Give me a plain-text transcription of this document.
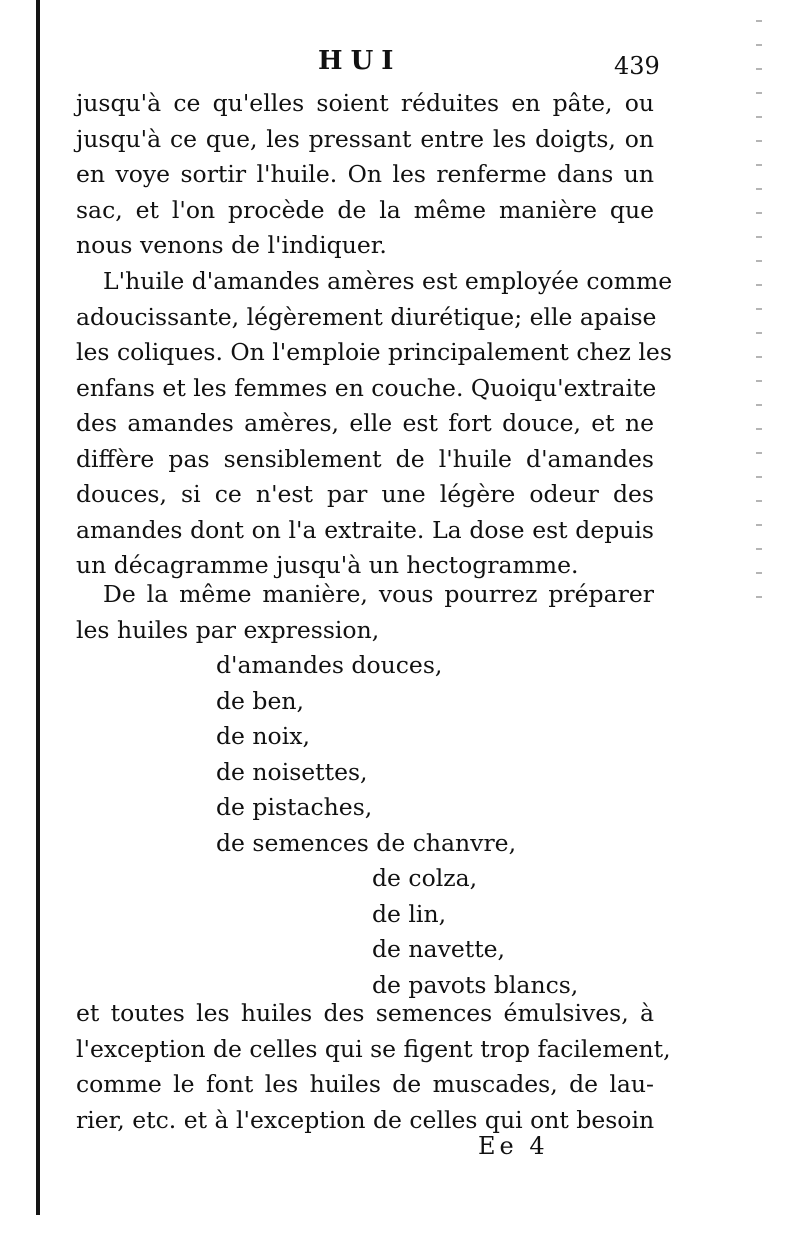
HUI	439
jusqu'à ce qu'elles soient réduites en pâte, ou
jusqu'à ce que, les pressant entre les doigts, on
en voye sortir l'huile. On les renferme dans un
sac, et l'on procède de la même manière que
nous venons de l'indiquer.
L'huile d'amandes amères est employée comme
adoucissante, légèrement diurétique; elle apaise
les coliques. On l'emploie principalement chez les
enfans et les femmes en couche. Quoiqu'extraite
des amandes amères, elle est fort douce, et ne
diffère pas sensiblement de l'huile d'amandes
douces, si ce n'est par une légère odeur des
amandes dont on l'a extraite. La dose est depuis
un décagramme jusqu'à un hectogramme.
De la même manière, vous pourrez préparer
les huiles par expression,
d'amandes douces,
de ben,
de noix,
de noisettes,
de pistaches,
de semences de chanvre,
de colza,
de lin,
de navette,
de pavots blancs,
et toutes les huiles des semences émulsives, à
l'exception de celles qui se figent trop facilement,
comme le font les huiles de muscades, de lau-
rier, etc. et à l'exception de celles qui ont besoin
Ee 4
